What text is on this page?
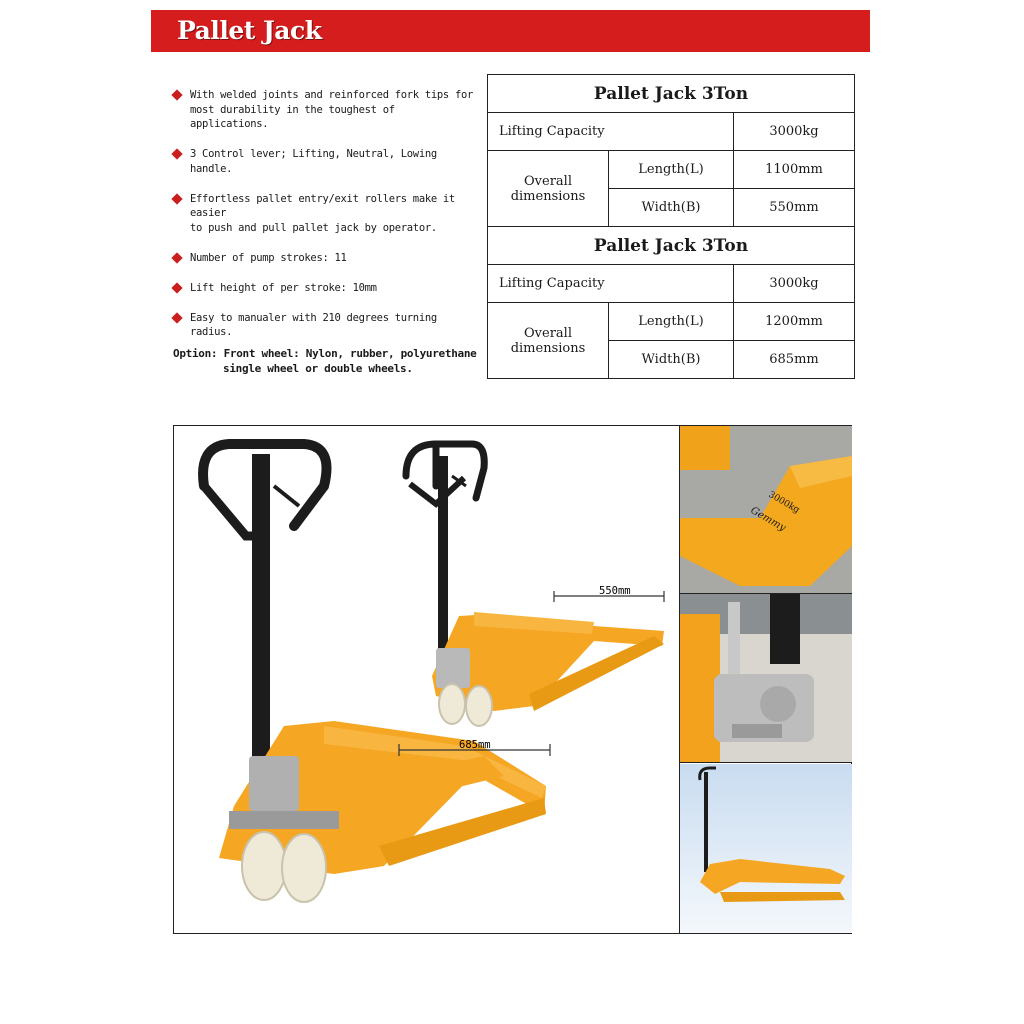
Pallet Jack
With welded joints and reinforced fork tips for
most durability in the toughest of applications.
3 Control lever; Lifting, Neutral, Lowing handle.
Effortless pallet entry/exit rollers make it easier
to push and pull pallet jack by operator.
Number of pump strokes: 11
Lift height of per stroke: 10mm
Easy to manualer with 210 degrees turning radius.
Option: Front wheel: Nylon, rubber, polyurethane
single wheel or double wheels.
Pallet Jack 3Ton		
Lifting Capacity		3000kg
Overall dimensions	Length(L)	1100mm
	Width(B)	550mm
Pallet Jack 3Ton		
Lifting Capacity		3000kg
Overall dimensions	Length(L)	1200mm
	Width(B)	685mm
550mm
685mm
3000kg
Gemmy
